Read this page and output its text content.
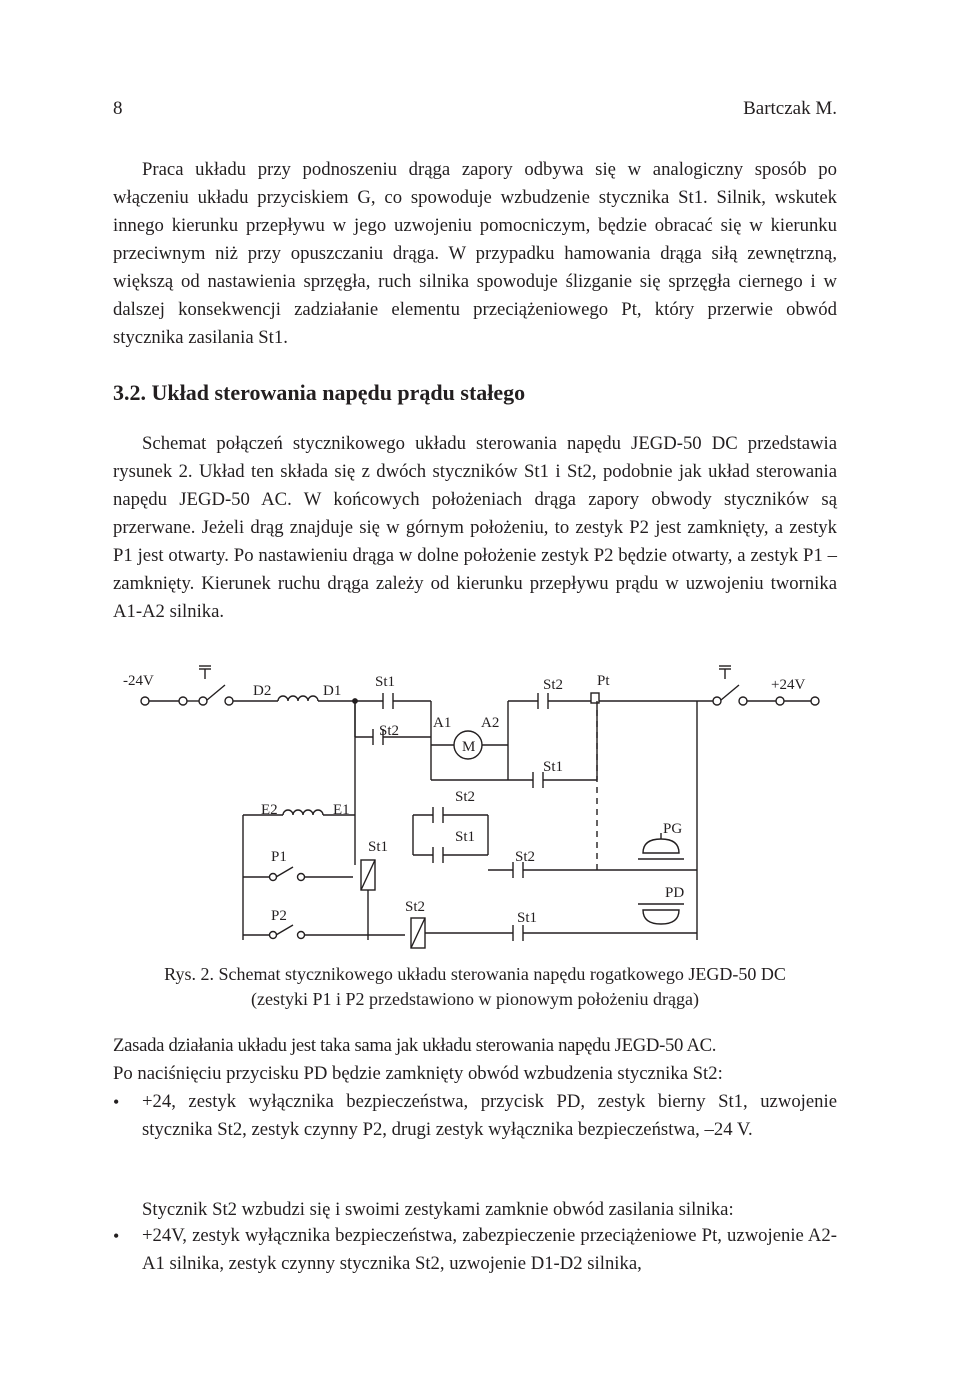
8	Bartczak M.
Praca układu przy podnoszeniu drąga zapory odbywa się w analogiczny sposób po włączeniu układu przyciskiem G, co spowoduje wzbudzenie stycznika St1. Silnik, wskutek innego kierunku przepływu w jego uzwojeniu pomocniczym, będzie obracać się w kierunku przeciwnym niż przy opuszczaniu drąga. W przypadku hamowania drąga siłą zewnętrzną, większą od nastawienia sprzęgła, ruch silnika spowoduje ślizganie się sprzęgła ciernego i w dalszej konsekwencji zadziałanie elementu przeciążeniowego Pt, który przerwie obwód stycznika zasilania St1.
3.2. Układ sterowania napędu prądu stałego
Schemat połączeń stycznikowego układu sterowania napędu JEGD-50 DC przedstawia rysunek 2. Układ ten składa się z dwóch styczników St1 i St2, podobnie jak układ sterowania napędu JEGD-50 AC. W końcowych położeniach drąga zapory obwody styczników są przerwane. Jeżeli drąg znajduje się w górnym położeniu, to zestyk P2 jest zamknięty, a zestyk P1 jest otwarty. Po nastawieniu drąga w dolne położenie zestyk P2 będzie otwarty, a zestyk P1 – zamknięty. Kierunek ruchu drąga zależy od kierunku przepływu prądu w uzwojeniu twornika A1-A2 silnika.
-24V	+24V
D2	D1
St1	St2 Pt
St2 A1 A2
M
St1
E2	E1
St2
St1
St2
PG
PD
P1
P2
St1
St2
St1
Rys. 2. Schemat stycznikowego układu sterowania napędu rogatkowego JEGD-50 DC
(zestyki P1 i P2 przedstawiono w pionowym położeniu drąga)
Zasada działania układu jest taka sama jak układu sterowania napędu JEGD-50 AC.
Po naciśnięciu przycisku PD będzie zamknięty obwód wzbudzenia stycznika St2:
• +24, zestyk wyłącznika bezpieczeństwa, przycisk PD, zestyk bierny St1, uzwojenie stycznika St2, zestyk czynny P2, drugi zestyk wyłącznika bezpieczeństwa, –24 V.
Stycznik St2 wzbudzi się i swoimi zestykami zamknie obwód zasilania silnika:
• +24V, zestyk wyłącznika bezpieczeństwa, zabezpieczenie przeciążeniowe Pt, uzwojenie A2-A1 silnika, zestyk czynny stycznika St2, uzwojenie D1-D2 silnika,
